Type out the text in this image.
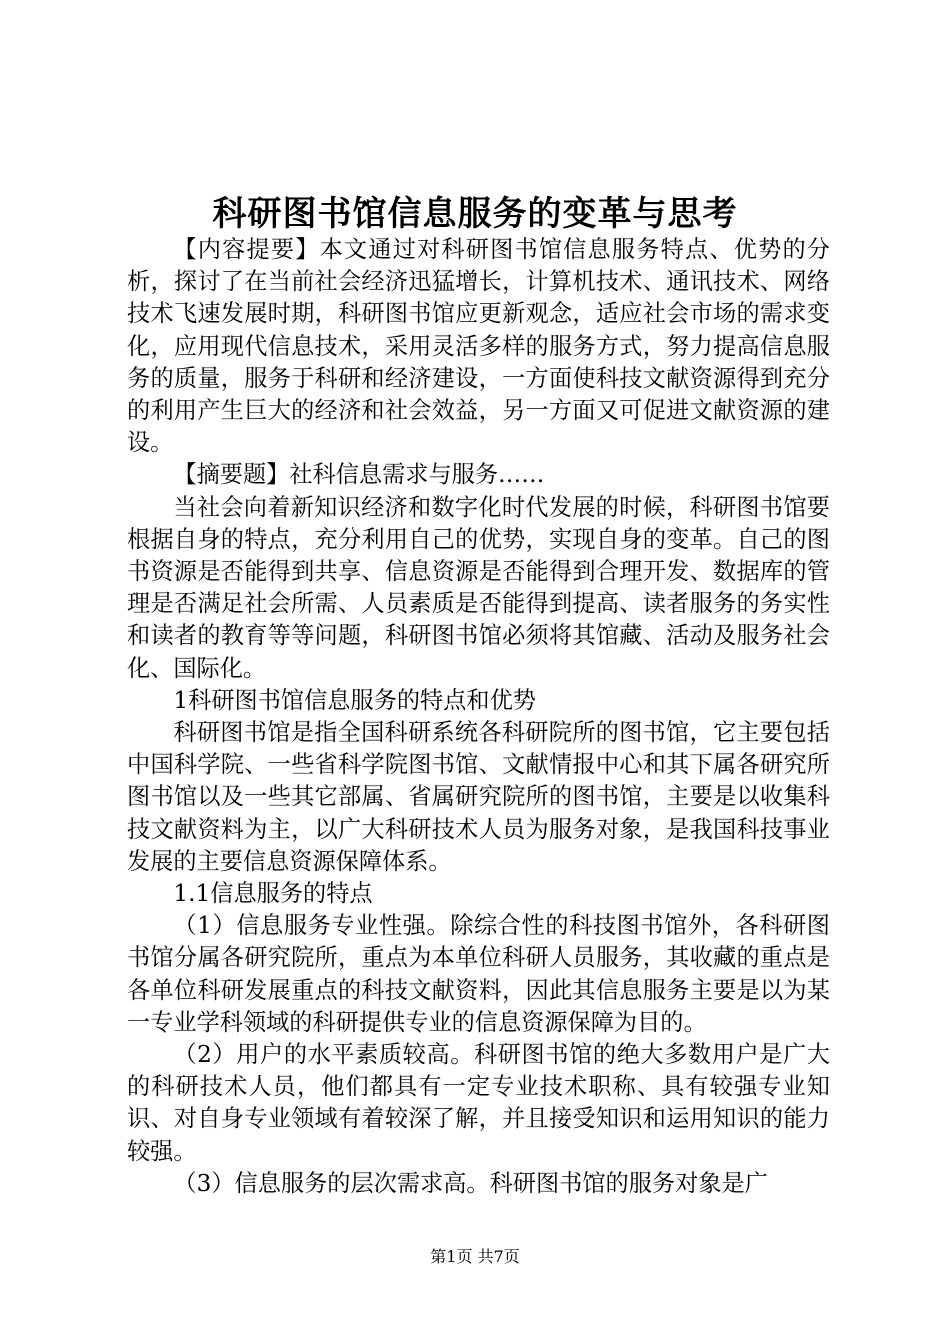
科研图书馆信息服务的变革与思考

【内容提要】本文通过对科研图书馆信息服务特点、优势的分析，探讨了在当前社会经济迅猛增长，计算机技术、通讯技术、网络技术飞速发展时期，科研图书馆应更新观念，适应社会市场的需求变化，应用现代信息技术，采用灵活多样的服务方式，努力提高信息服务的质量，服务于科研和经济建设，一方面使科技文献资源得到充分的利用产生巨大的经济和社会效益，另一方面又可促进文献资源的建设。

【摘要题】社科信息需求与服务……

当社会向着新知识经济和数字化时代发展的时候，科研图书馆要根据自身的特点，充分利用自己的优势，实现自身的变革。自己的图书资源是否能得到共享、信息资源是否能得到合理开发、数据库的管理是否满足社会所需、人员素质是否能得到提高、读者服务的务实性和读者的教育等等问题，科研图书馆必须将其馆藏、活动及服务社会化、国际化。

1科研图书馆信息服务的特点和优势

科研图书馆是指全国科研系统各科研院所的图书馆，它主要包括中国科学院、一些省科学院图书馆、文献情报中心和其下属各研究所图书馆以及一些其它部属、省属研究院所的图书馆，主要是以收集科技文献资料为主，以广大科研技术人员为服务对象，是我国科技事业发展的主要信息资源保障体系。

1.1信息服务的特点

（1）信息服务专业性强。除综合性的科技图书馆外，各科研图书馆分属各研究院所，重点为本单位科研人员服务，其收藏的重点是各单位科研发展重点的科技文献资料，因此其信息服务主要是以为某一专业学科领域的科研提供专业的信息资源保障为目的。

（2）用户的水平素质较高。科研图书馆的绝大多数用户是广大的科研技术人员，他们都具有一定专业技术职称、具有较强专业知识、对自身专业领域有着较深了解，并且接受知识和运用知识的能力较强。

（3）信息服务的层次需求高。科研图书馆的服务对象是广

第1页 共7页
